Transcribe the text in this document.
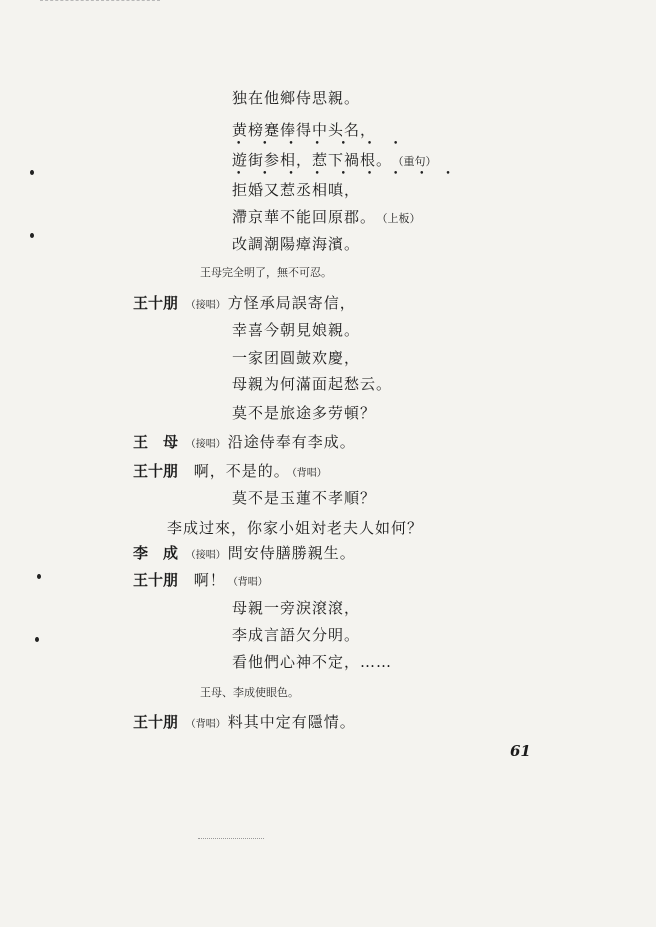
独在他鄉侍思親。
黄榜蹇俸得中头名，
• • • • • • •
遊街参相，惹下禍根。 （重句）
• • • • • • • • •
拒婚又惹丞相嗔，
滯京華不能回原郡。 （上板）
改調潮陽瘴海濱。
王母完全明了，無不可忍。
王十朋 （接唱） 方怪承局誤寄信，
幸喜今朝見娘親。
一家团圓皷欢慶，
母親为何滿面起愁云。
莫不是旅途多劳頓？
王　母 （接唱） 沿途侍奉有李成。
王十朋 啊，不是的。 （背唱）
莫不是玉蓮不孝順？
李成过來，你家小姐対老夫人如何？
李　成 （接唱） 問安侍膳勝親生。
王十朋 啊！ （背唱）
母親一旁淚滾滾，
李成言語欠分明。
看他們心神不定，……
王母、李成使眼色。
王十朋 （背唱） 料其中定有隱情。
61
